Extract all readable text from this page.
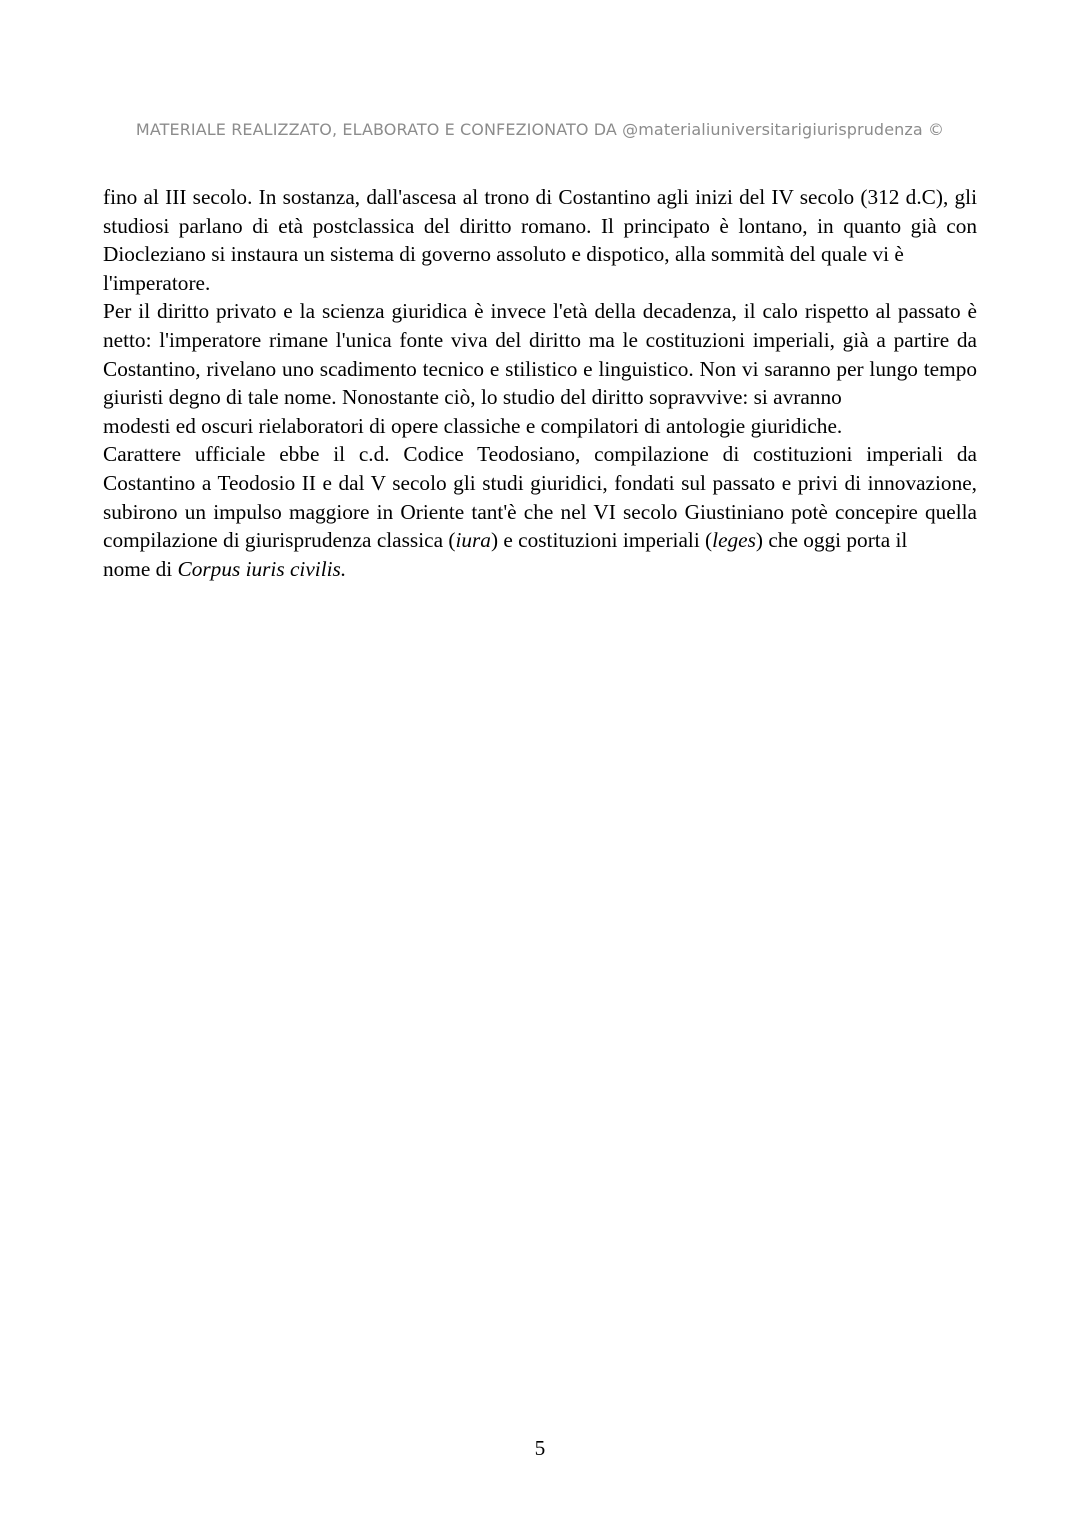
MATERIALE REALIZZATO, ELABORATO E CONFEZIONATO DA @materialiuniversitarigiurisprudenza ©

fino al III secolo. In sostanza, dall'ascesa al trono di Costantino agli inizi del IV secolo (312 d.C), gli studiosi parlano di età postclassica del diritto romano. Il principato è lontano, in quanto già con Diocleziano si instaura un sistema di governo assoluto e dispotico, alla sommità del quale vi è

l'imperatore.

Per il diritto privato e la scienza giuridica è invece l'età della decadenza, il calo rispetto al passato è netto: l'imperatore rimane l'unica fonte viva del diritto ma le costituzioni imperiali, già a partire da Costantino, rivelano uno scadimento tecnico e stilistico e linguistico. Non vi saranno per lungo tempo giuristi degno di tale nome. Nonostante ciò, lo studio del diritto sopravvive: si avranno

modesti ed oscuri rielaboratori di opere classiche e compilatori di antologie giuridiche.

Carattere ufficiale ebbe il c.d. Codice Teodosiano, compilazione di costituzioni imperiali da Costantino a Teodosio II e dal V secolo gli studi giuridici, fondati sul passato e privi di innovazione, subirono un impulso maggiore in Oriente tant'è che nel VI secolo Giustiniano potè concepire quella compilazione di giurisprudenza classica (iura) e costituzioni imperiali (leges) che oggi porta il

nome di Corpus iuris civilis.

5
